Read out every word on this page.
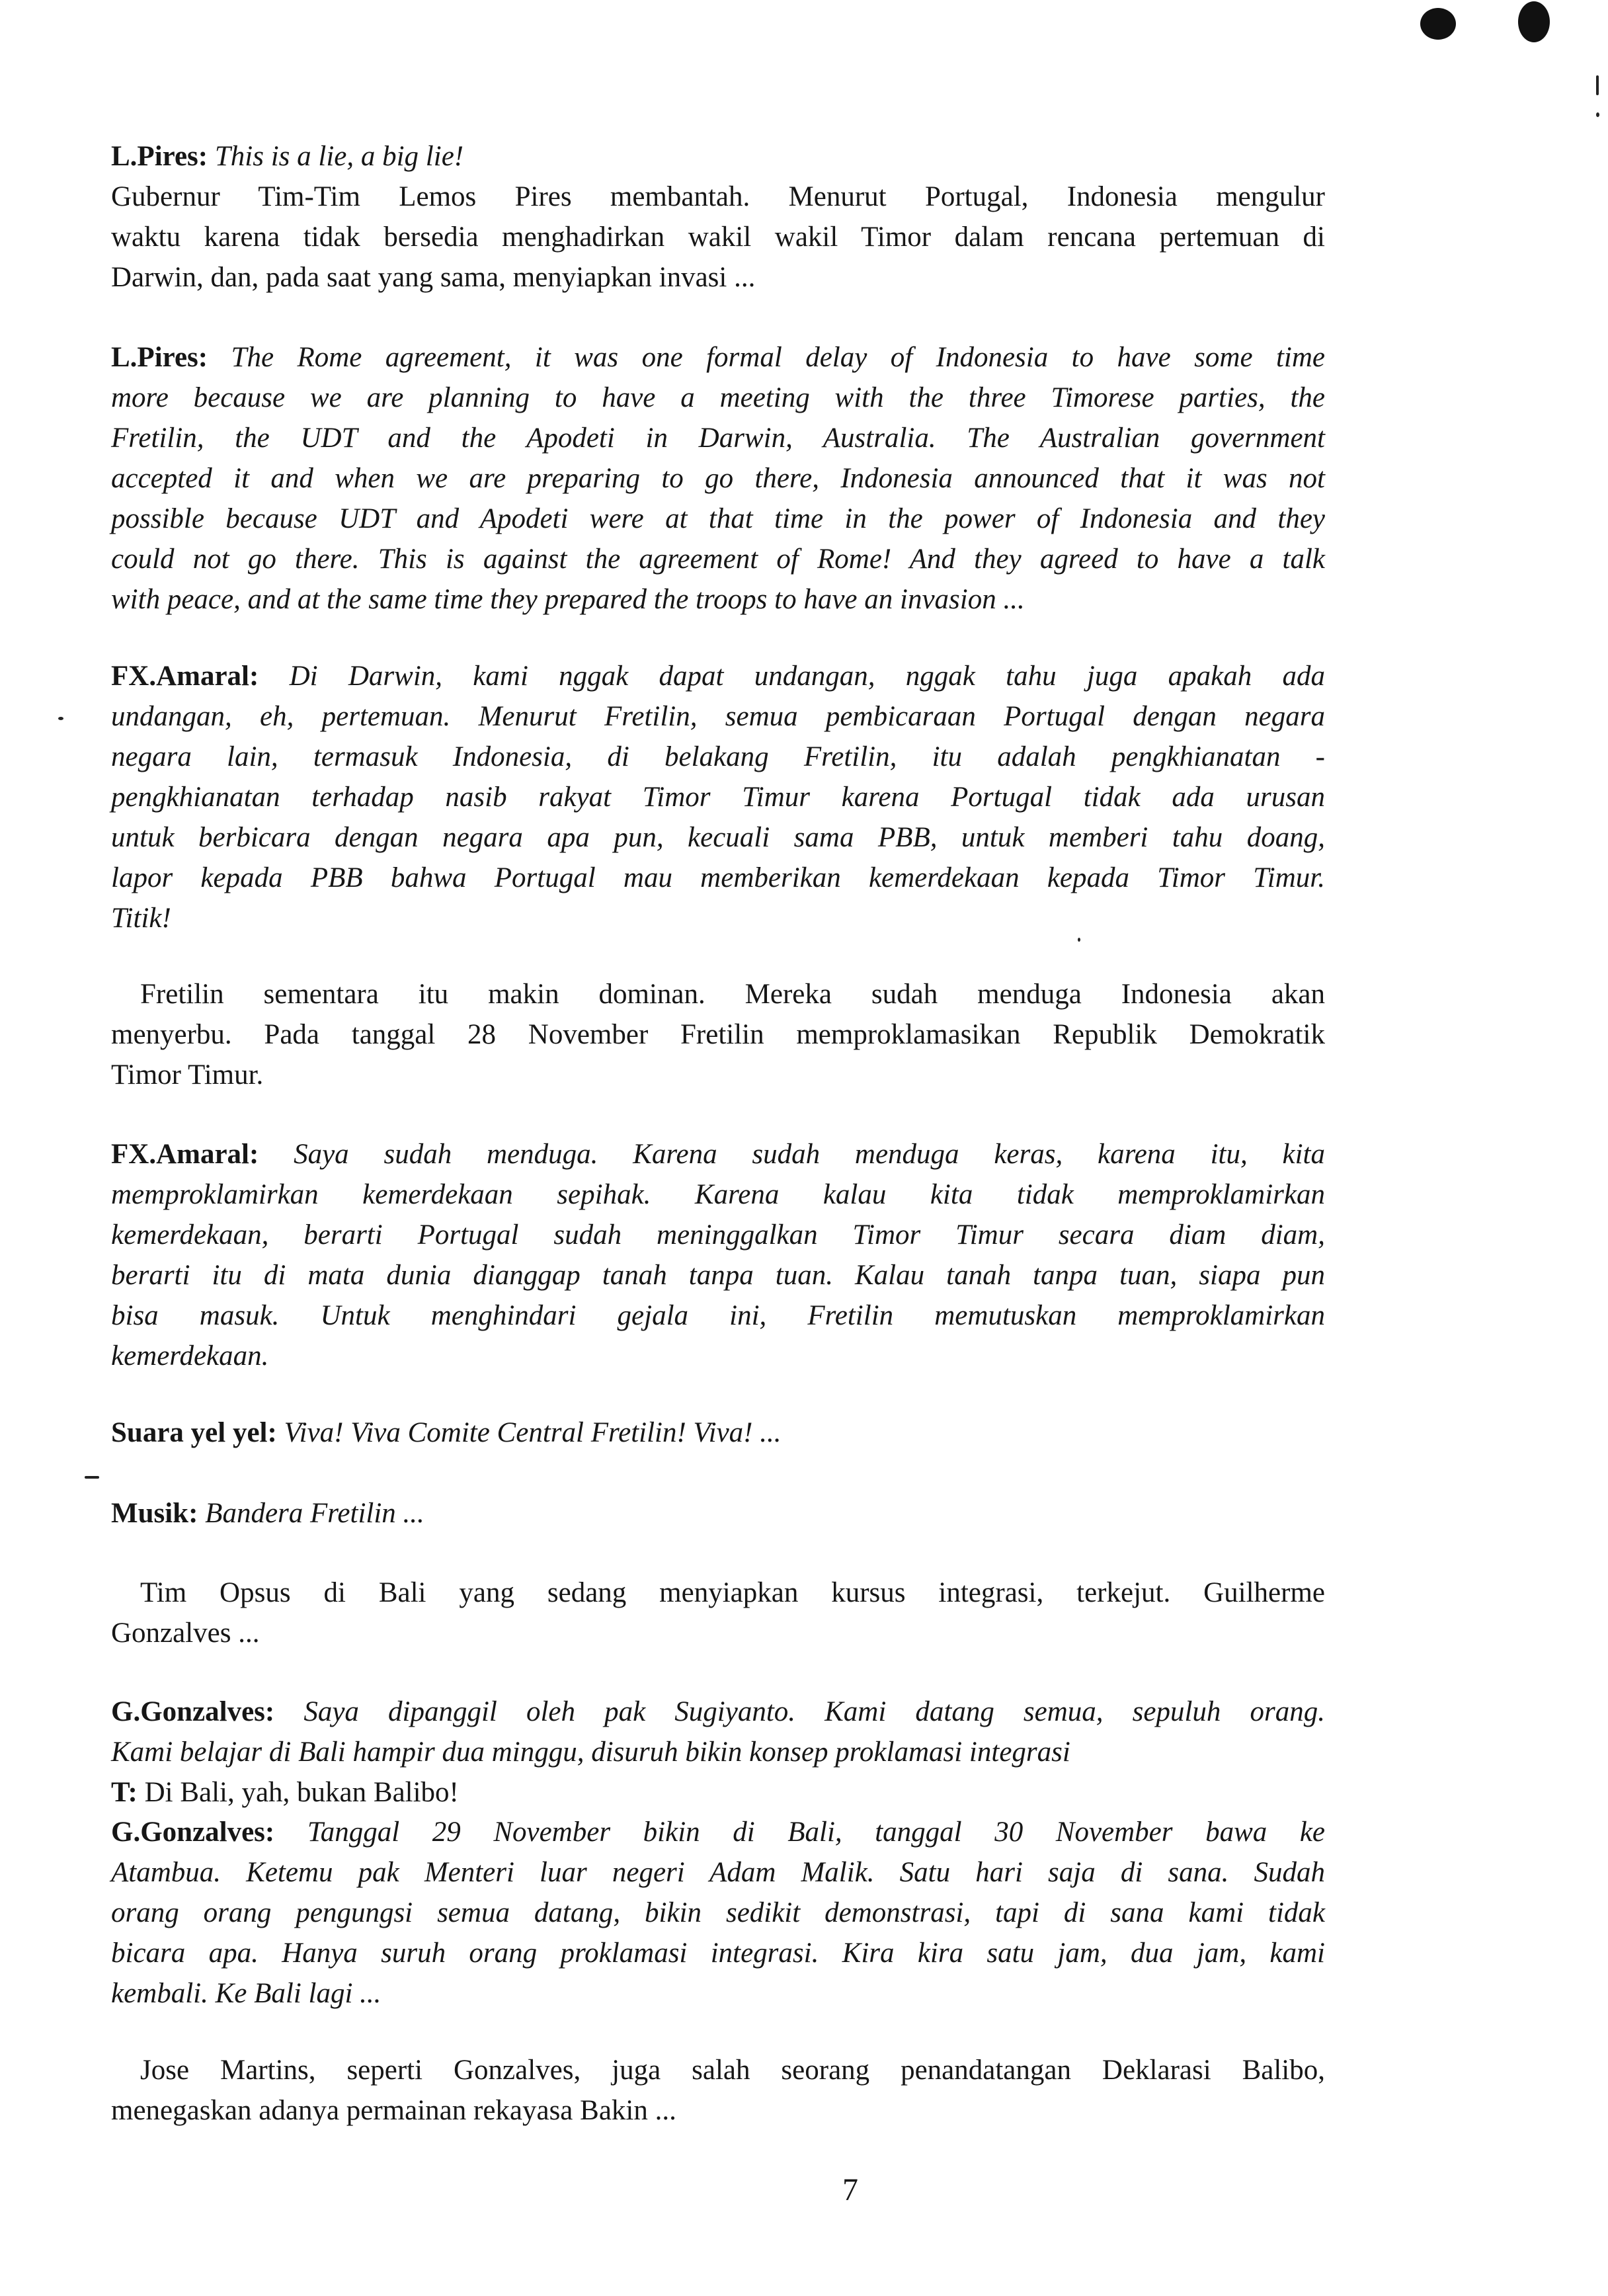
L.Pires: This is a lie, a big lie!

Gubernur Tim-Tim Lemos Pires membantah. Menurut Portugal, Indonesia mengulur
waktu karena tidak bersedia menghadirkan wakil wakil Timor dalam rencana pertemuan di
Darwin, dan, pada saat yang sama, menyiapkan invasi ...

L.Pires: The Rome agreement, it was one formal delay of Indonesia to have some time
more because we are planning to have a meeting with the three Timorese parties, the
Fretilin, the UDT and the Apodeti in Darwin, Australia. The Australian government
accepted it and when we are preparing to go there, Indonesia announced that it was not
possible because UDT and Apodeti were at that time in the power of Indonesia and they
could not go there. This is against the agreement of Rome! And they agreed to have a talk
with peace, and at the same time they prepared the troops to have an invasion ...

FX.Amaral: Di Darwin, kami nggak dapat undangan, nggak tahu juga apakah ada
undangan, eh, pertemuan. Menurut Fretilin, semua pembicaraan Portugal dengan negara
negara lain, termasuk Indonesia, di belakang Fretilin, itu adalah pengkhianatan -
pengkhianatan terhadap nasib rakyat Timor Timur karena Portugal tidak ada urusan
untuk berbicara dengan negara apa pun, kecuali sama PBB, untuk memberi tahu doang,
lapor kepada PBB bahwa Portugal mau memberikan kemerdekaan kepada Timor Timur.
Titik!

Fretilin sementara itu makin dominan. Mereka sudah menduga Indonesia akan
menyerbu. Pada tanggal 28 November Fretilin memproklamasikan Republik Demokratik
Timor Timur.

FX.Amaral: Saya sudah menduga. Karena sudah menduga keras, karena itu, kita
memproklamirkan kemerdekaan sepihak. Karena kalau kita tidak memproklamirkan
kemerdekaan, berarti Portugal sudah meninggalkan Timor Timur secara diam diam,
berarti itu di mata dunia dianggap tanah tanpa tuan. Kalau tanah tanpa tuan, siapa pun
bisa masuk. Untuk menghindari gejala ini, Fretilin memutuskan memproklamirkan
kemerdekaan.

Suara yel yel: Viva! Viva Comite Central Fretilin! Viva! ...

Musik: Bandera Fretilin ...

Tim Opsus di Bali yang sedang menyiapkan kursus integrasi, terkejut. Guilherme
Gonzalves ...

G.Gonzalves: Saya dipanggil oleh pak Sugiyanto. Kami datang semua, sepuluh orang.
Kami belajar di Bali hampir dua minggu, disuruh bikin konsep proklamasi integrasi

T: Di Bali, yah, bukan Balibo!

G.Gonzalves: Tanggal 29 November bikin di Bali, tanggal 30 November bawa ke
Atambua. Ketemu pak Menteri luar negeri Adam Malik. Satu hari saja di sana. Sudah
orang orang pengungsi semua datang, bikin sedikit demonstrasi, tapi di sana kami tidak
bicara apa. Hanya suruh orang proklamasi integrasi. Kira kira satu jam, dua jam, kami
kembali. Ke Bali lagi ...

Jose Martins, seperti Gonzalves, juga salah seorang penandatangan Deklarasi Balibo,
menegaskan adanya permainan rekayasa Bakin ...

7
